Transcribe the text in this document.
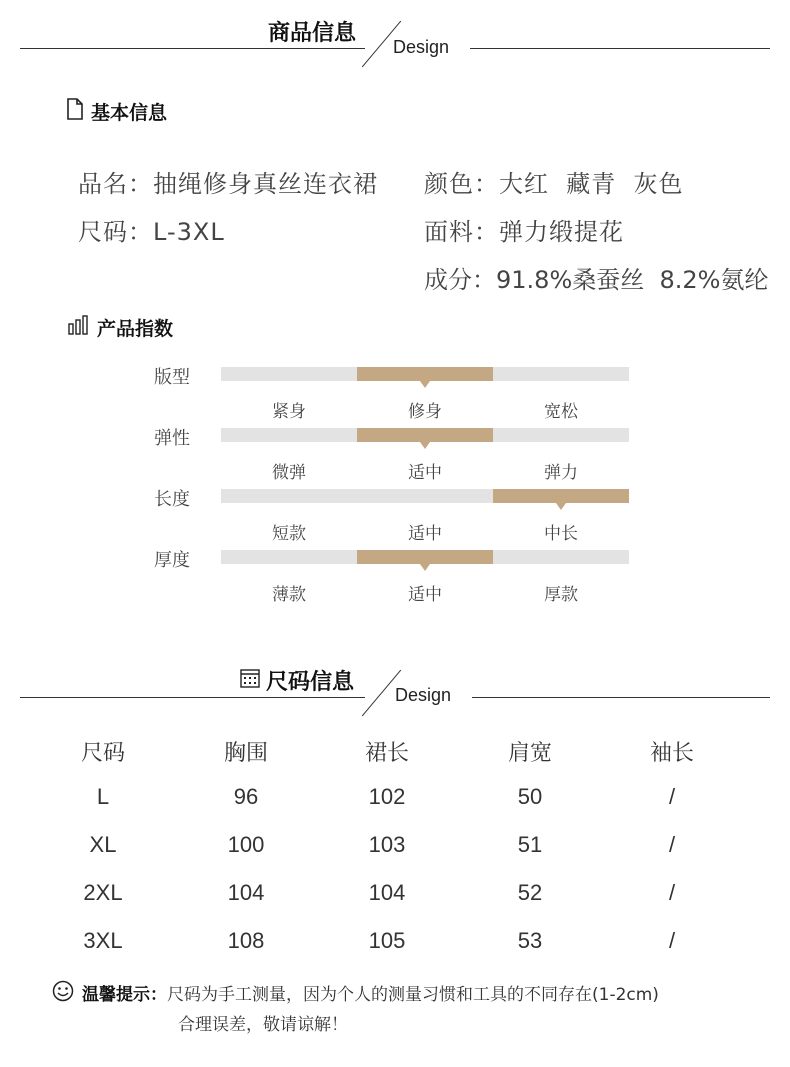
商品信息
Design
基本信息
品名：抽绳修身真丝连衣裙
尺码：L-3XL
颜色：大红  藏青  灰色
面料：弹力缎提花
成分：91.8%桑蚕丝  8.2%氨纶
产品指数
版型
紧身	修身	宽松
弹性
微弹	适中	弹力
长度
短款	适中	中长
厚度
薄款	适中	厚款
尺码信息 Design
尺码	胸围	裙长	肩宽	袖长
L	96	102	50	/
XL	100	103	51	/
2XL	104	104	52	/
3XL	108	105	53	/
温馨提示：尺码为手工测量，因为个人的测量习惯和工具的不同存在(1-2cm)
合理误差，敬请谅解！
